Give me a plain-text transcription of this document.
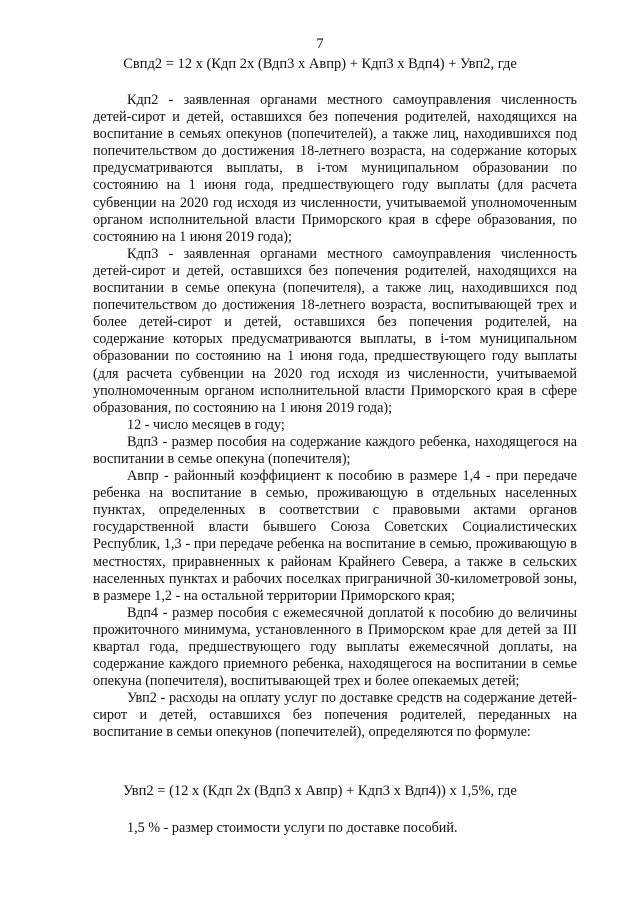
7
Свпд2 = 12 х (Кдп 2х (Вдп3 х Авпр) + Кдп3 х Вдп4) + Увп2, где

Кдп2 - заявленная органами местного самоуправления численность детей-сирот и детей, оставшихся без попечения родителей, находящихся на воспитание в семьях опекунов (попечителей), а также лиц, находившихся под попечительством до достижения 18-летнего возраста, на содержание которых предусматриваются выплаты, в i-том муниципальном образовании по состоянию на 1 июня года, предшествующего году выплаты (для расчета субвенции на 2020 год исходя из численности, учитываемой уполномоченным органом исполнительной власти Приморского края в сфере образования, по состоянию на 1 июня 2019 года);

Кдп3 - заявленная органами местного самоуправления численность детей-сирот и детей, оставшихся без попечения родителей, находящихся на воспитании в семье опекуна (попечителя), а также лиц, находившихся под попечительством до достижения 18-летнего возраста, воспитывающей трех и более детей-сирот и детей, оставшихся без попечения родителей, на содержание которых предусматриваются выплаты, в i-том муниципальном образовании по состоянию на 1 июня года, предшествующего году выплаты (для расчета субвенции на 2020 год исходя из численности, учитываемой уполномоченным органом исполнительной власти Приморского края в сфере образования, по состоянию на 1 июня 2019 года);

12 - число месяцев в году;

Вдп3 - размер пособия на содержание каждого ребенка, находящегося на воспитании в семье опекуна (попечителя);

Авпр - районный коэффициент к пособию в размере 1,4 - при передаче ребенка на воспитание в семью, проживающую в отдельных населенных пунктах, определенных в соответствии с правовыми актами органов государственной власти бывшего Союза Советских Социалистических Республик, 1,3 - при передаче ребенка на воспитание в семью, проживающую в местностях, приравненных к районам Крайнего Севера, а также в сельских населенных пунктах и рабочих поселках приграничной 30-километровой зоны, в размере 1,2 - на остальной территории Приморского края;

Вдп4 - размер пособия с ежемесячной доплатой к пособию до величины прожиточного минимума, установленного в Приморском крае для детей за III квартал года, предшествующего году выплаты ежемесячной доплаты, на содержание каждого приемного ребенка, находящегося на воспитании в семье опекуна (попечителя), воспитывающей трех и более опекаемых детей;

Увп2 - расходы на оплату услуг по доставке средств на содержание детей-сирот и детей, оставшихся без попечения родителей, переданных на воспитание в семьи опекунов (попечителей), определяются по формуле:

Увп2 = (12 х (Кдп 2х (Вдп3 х Авпр) + Кдп3 х Вдп4)) х 1,5%, где
1,5 % - размер стоимости услуги по доставке пособий.
